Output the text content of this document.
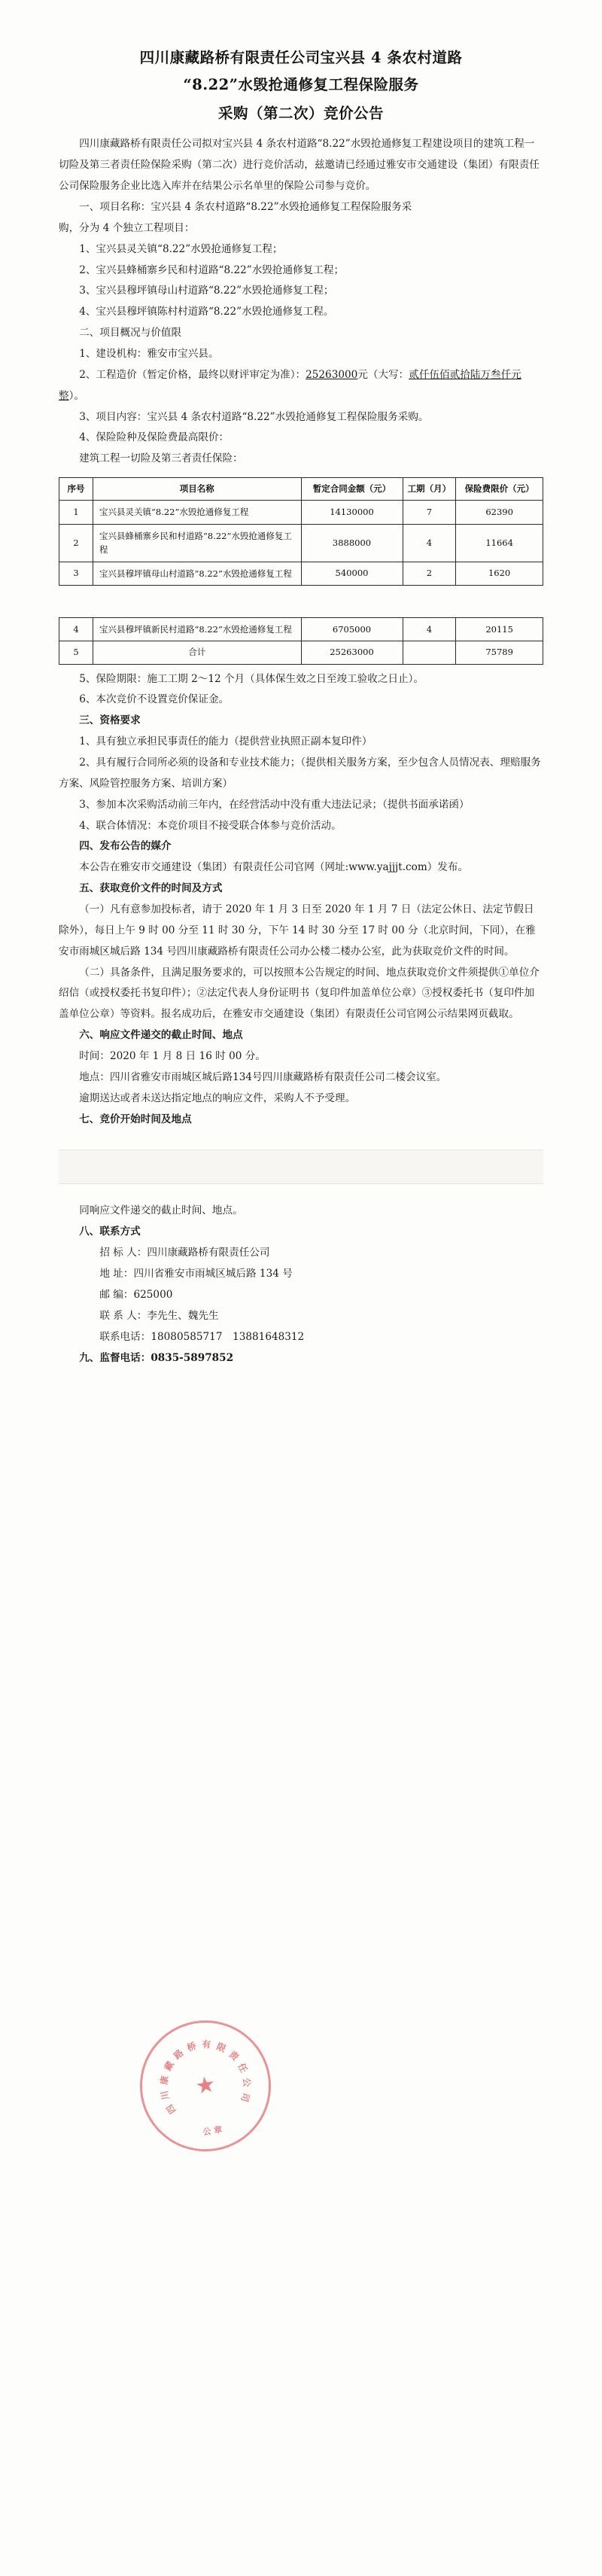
四川康藏路桥有限责任公司宝兴县 4 条农村道路
“8.22”水毁抢通修复工程保险服务
采购（第二次）竞价公告

四川康藏路桥有限责任公司拟对宝兴县 4 条农村道路“8.22”水毁抢通修复工程建设项目的建筑工程一切险及第三者责任险保险采购（第二次）进行竞价活动，兹邀请已经通过雅安市交通建设（集团）有限责任公司保险服务企业比选入库并在结果公示名单里的保险公司参与竞价。

一、项目名称：宝兴县 4 条农村道路“8.22”水毁抢通修复工程保险服务采

购，分为 4 个独立工程项目：

1、宝兴县灵关镇“8.22”水毁抢通修复工程；

2、宝兴县蜂桶寨乡民和村道路“8.22”水毁抢通修复工程；

3、宝兴县穆坪镇母山村道路“8.22”水毁抢通修复工程；

4、宝兴县穆坪镇陈村村道路“8.22”水毁抢通修复工程。

二、项目概况与价值限

1、建设机构：雅安市宝兴县。

2、工程造价（暂定价格，最终以财评审定为准）：25263000元（大写：贰仟伍佰贰拾陆万叁仟元整）。

3、项目内容：宝兴县 4 条农村道路“8.22”水毁抢通修复工程保险服务采购。

4、保险险种及保险费最高限价：

建筑工程一切险及第三者责任保险：

序号	项目名称	暂定合同金额（元）	工期（月）	保险费限价（元）
1	宝兴县灵关镇“8.22”水毁抢通修复工程	14130000	7	62390
2	宝兴县蜂桶寨乡民和村道路“8.22”水毁抢通修复工程	3888000	4	11664
3	宝兴县穆坪镇母山村道路“8.22”水毁抢通修复工程	540000	2	1620
4	宝兴县穆坪镇新民村道路“8.22”水毁抢通修复工程	6705000	4	20115
5	合计	25263000		75789

5、保险期限：施工工期 2～12 个月（具体保生效之日至竣工验收之日止）。

6、本次竞价不设置竞价保证金。

三、资格要求

1、具有独立承担民事责任的能力（提供营业执照正副本复印件）

2、具有履行合同所必须的设备和专业技术能力；（提供相关服务方案，至少包含人员情况表、理赔服务方案、风险管控服务方案、培训方案）

3、参加本次采购活动前三年内，在经营活动中没有重大违法记录；（提供书面承诺函）

4、联合体情况：本竞价项目不接受联合体参与竞价活动。

四、发布公告的媒介

本公告在雅安市交通建设（集团）有限责任公司官网（网址:www.yajjjt.com）发布。

五、获取竞价文件的时间及方式

（一）凡有意参加投标者，请于 2020 年 1 月 3 日至 2020 年 1 月 7 日（法定公休日、法定节假日除外），每日上午 9 时 00 分至 11 时 30 分，下午 14 时 30 分至 17 时 00 分（北京时间，下同），在雅安市雨城区城后路 134 号四川康藏路桥有限责任公司办公楼二楼办公室，此为获取竞价文件的时间。

（二）具备条件，且满足服务要求的，可以按照本公告规定的时间、地点获取竞价文件须提供①单位介绍信（或授权委托书复印件）；②法定代表人身份证明书（复印件加盖单位公章）③授权委托书（复印件加盖单位公章）等资料。报名成功后，在雅安市交通建设（集团）有限责任公司官网公示结果网页截取。

六、响应文件递交的截止时间、地点

时间：2020 年 1 月 8 日 16 时 00 分。

地点：四川省雅安市雨城区城后路134号四川康藏路桥有限责任公司二楼会议室。

逾期送达或者未送达指定地点的响应文件，采购人不予受理。

七、竞价开始时间及地点

同响应文件递交的截止时间、地点。

八、联系方式

招 标 人：四川康藏路桥有限责任公司

地 址：四川省雅安市雨城区城后路 134 号

邮 编：625000

联 系 人：李先生、魏先生

联系电话：18080585717　13881648312

九、监督电话：0835-5897852

★
四
川
康
藏
路
桥 有 限
责
任
公
司
公 章
